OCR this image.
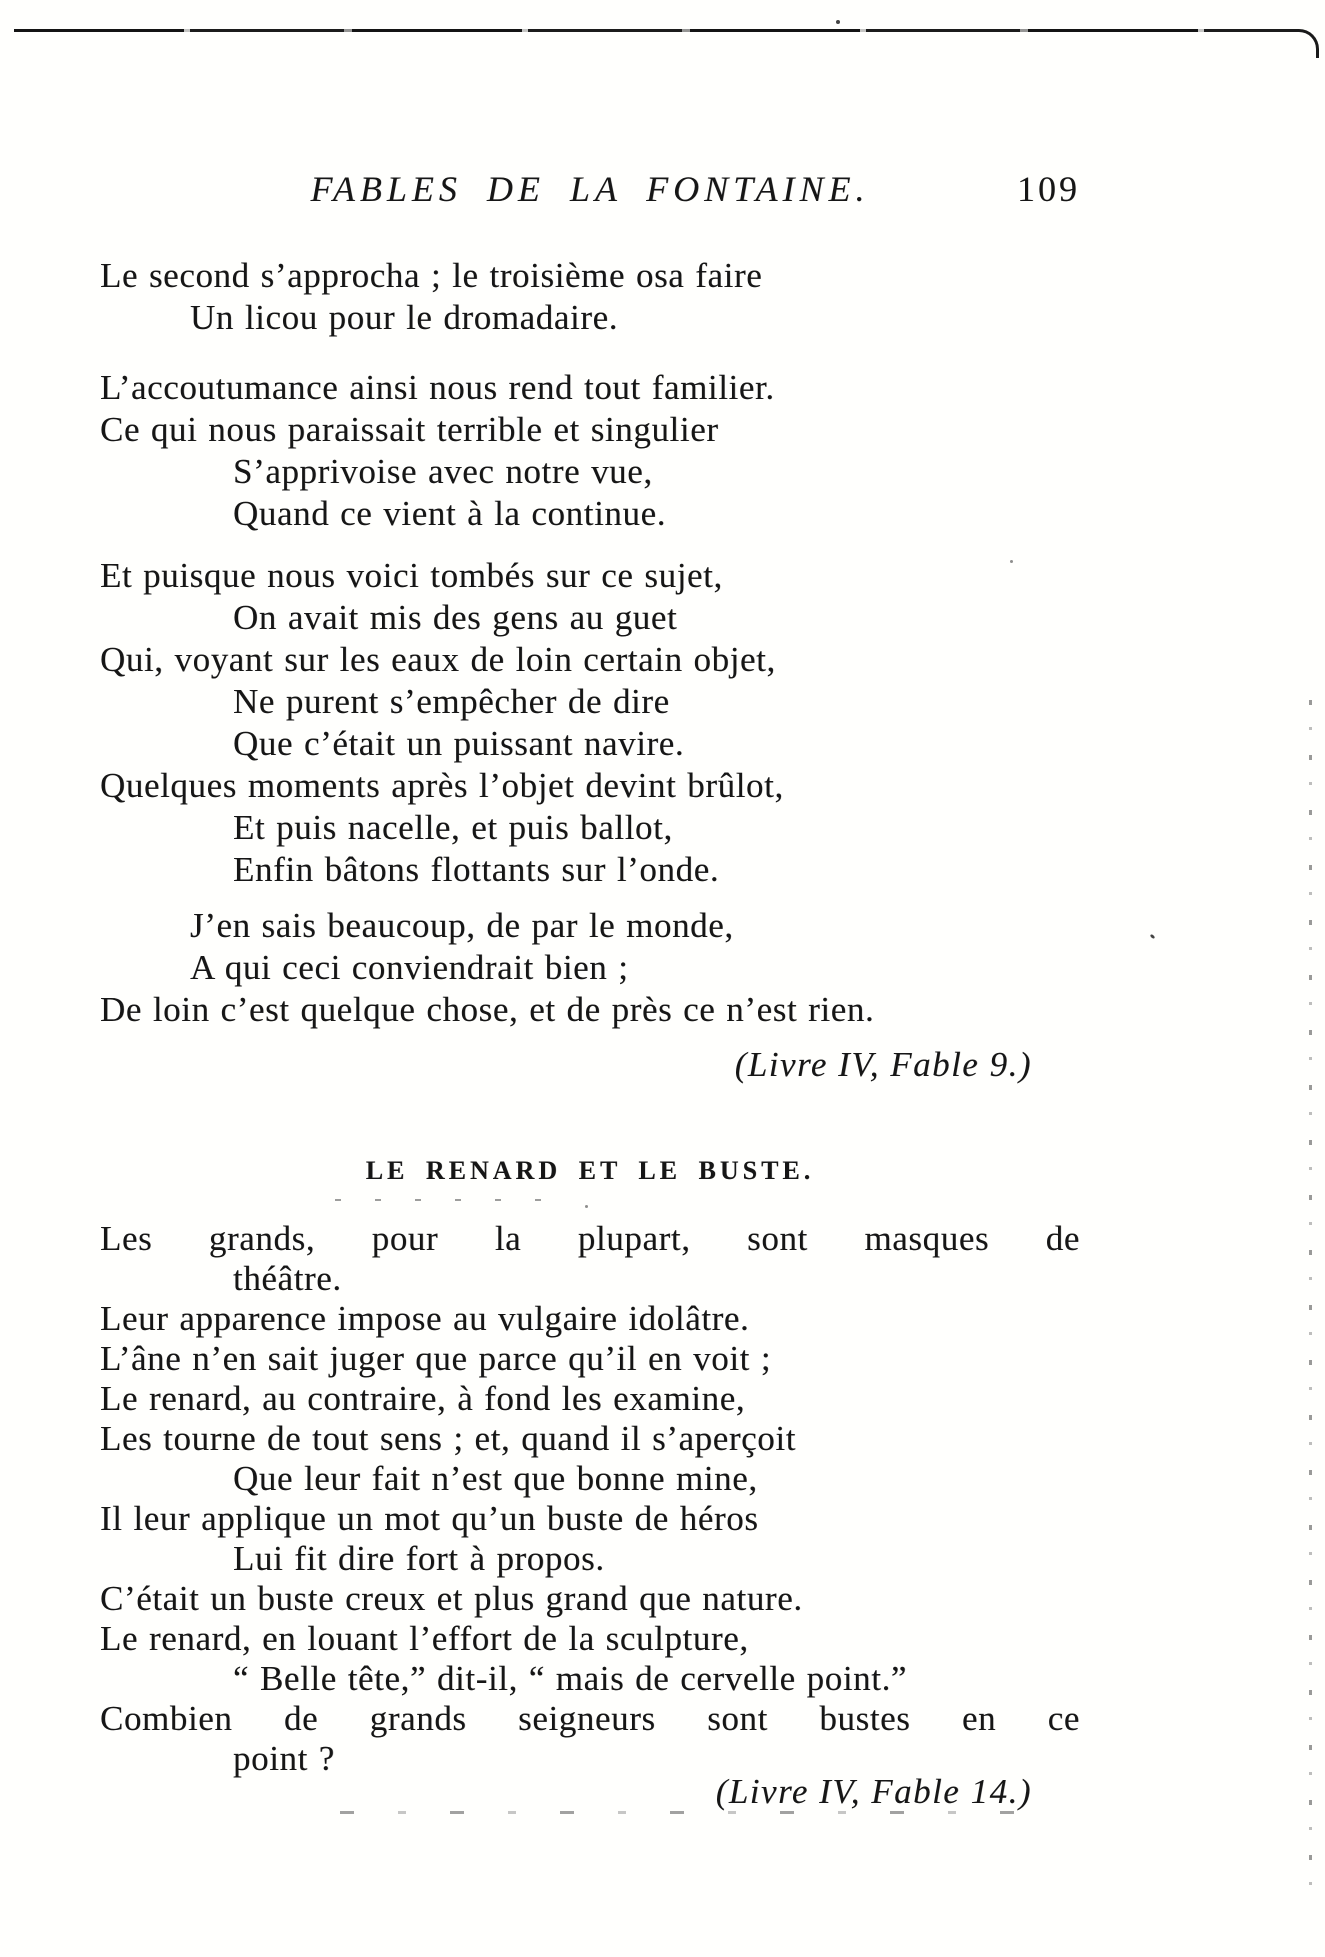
FABLES DE LA FONTAINE.	109
Le second s’approcha ; le troisième osa faire
Un licou pour le dromadaire.
L’accoutumance ainsi nous rend tout familier.
Ce qui nous paraissait terrible et singulier
S’apprivoise avec notre vue,
Quand ce vient à la continue.
Et puisque nous voici tombés sur ce sujet,
On avait mis des gens au guet
Qui, voyant sur les eaux de loin certain objet,
Ne purent s’empêcher de dire
Que c’était un puissant navire.
Quelques moments après l’objet devint brûlot,
Et puis nacelle, et puis ballot,
Enfin bâtons flottants sur l’onde.
J’en sais beaucoup, de par le monde,
A qui ceci conviendrait bien ;
De loin c’est quelque chose, et de près ce n’est rien.
(Livre IV, Fable 9.)
LE RENARD ET LE BUSTE.
Les grands, pour la plupart, sont masques de
théâtre.
Leur apparence impose au vulgaire idolâtre.
L’âne n’en sait juger que parce qu’il en voit ;
Le renard, au contraire, à fond les examine,
Les tourne de tout sens ; et, quand il s’aperçoit
Que leur fait n’est que bonne mine,
Il leur applique un mot qu’un buste de héros
Lui fit dire fort à propos.
C’était un buste creux et plus grand que nature.
Le renard, en louant l’effort de la sculpture,
“ Belle tête,” dit-il, “ mais de cervelle point.”
Combien de grands seigneurs sont bustes en ce
point ?
(Livre IV, Fable 14.)
